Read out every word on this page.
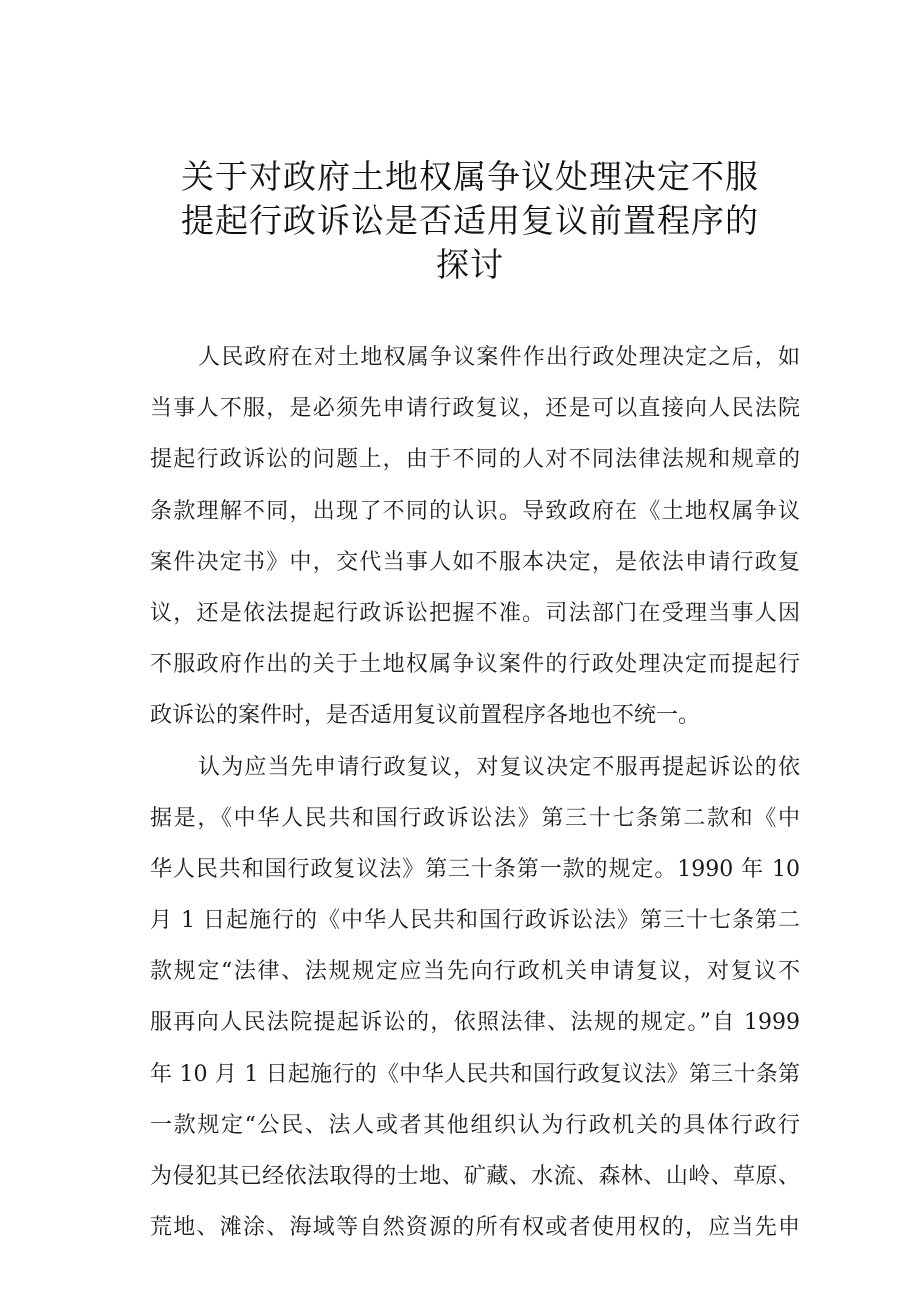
关于对政府土地权属争议处理决定不服
提起行政诉讼是否适用复议前置程序的
探讨
人民政府在对土地权属争议案件作出行政处理决定之后，如
当事人不服，是必须先申请行政复议，还是可以直接向人民法院
提起行政诉讼的问题上，由于不同的人对不同法律法规和规章的
条款理解不同，出现了不同的认识。导致政府在《土地权属争议
案件决定书》中，交代当事人如不服本决定，是依法申请行政复
议，还是依法提起行政诉讼把握不准。司法部门在受理当事人因
不服政府作出的关于土地权属争议案件的行政处理决定而提起行
政诉讼的案件时，是否适用复议前置程序各地也不统一。
认为应当先申请行政复议，对复议决定不服再提起诉讼的依
据是，《中华人民共和国行政诉讼法》第三十七条第二款和《中
华人民共和国行政复议法》第三十条第一款的规定。1990 年 10
月 1 日起施行的《中华人民共和国行政诉讼法》第三十七条第二
款规定“法律、法规规定应当先向行政机关申请复议，对复议不
服再向人民法院提起诉讼的，依照法律、法规的规定。”自 1999
年 10 月 1 日起施行的《中华人民共和国行政复议法》第三十条第
一款规定“公民、法人或者其他组织认为行政机关的具体行政行
为侵犯其已经依法取得的士地、矿藏、水流、森林、山岭、草原、
荒地、滩涂、海域等自然资源的所有权或者使用权的，应当先申
